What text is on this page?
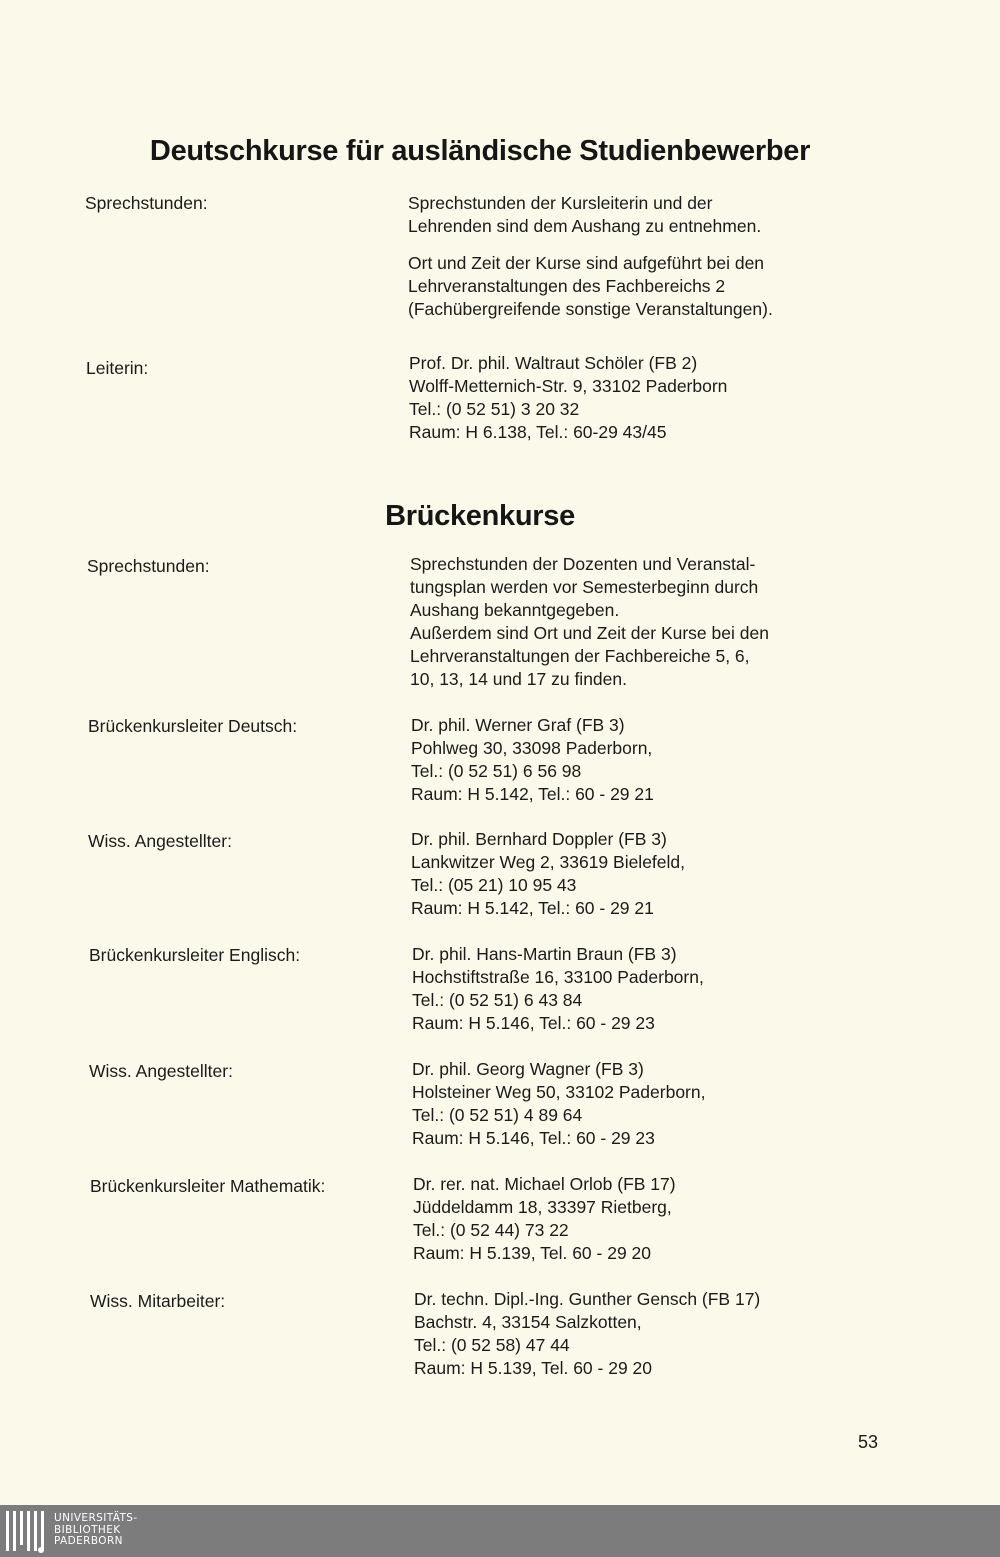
Deutschkurse für ausländische Studienbewerber
Sprechstunden:	Sprechstunden der Kursleiterin und der
Lehrenden sind dem Aushang zu entnehmen.
Ort und Zeit der Kurse sind aufgeführt bei den
Lehrveranstaltungen des Fachbereichs 2
(Fachübergreifende sonstige Veranstaltungen).
Leiterin:	Prof. Dr. phil. Waltraut Schöler (FB 2)
Wolff-Metternich-Str. 9, 33102 Paderborn
Tel.: (0 52 51) 3 20 32
Raum: H 6.138, Tel.: 60-29 43/45
Brückenkurse
Sprechstunden:	Sprechstunden der Dozenten und Veranstal-
tungsplan werden vor Semesterbeginn durch
Aushang bekanntgegeben.
Außerdem sind Ort und Zeit der Kurse bei den
Lehrveranstaltungen der Fachbereiche 5, 6,
10, 13, 14 und 17 zu finden.
Brückenkursleiter Deutsch:	Dr. phil. Werner Graf (FB 3)
Pohlweg 30, 33098 Paderborn,
Tel.: (0 52 51) 6 56 98
Raum: H 5.142, Tel.: 60 - 29 21
Wiss. Angestellter:	Dr. phil. Bernhard Doppler (FB 3)
Lankwitzer Weg 2, 33619 Bielefeld,
Tel.: (05 21) 10 95 43
Raum: H 5.142, Tel.: 60 - 29 21
Brückenkursleiter Englisch:	Dr. phil. Hans-Martin Braun (FB 3)
Hochstiftstraße 16, 33100 Paderborn,
Tel.: (0 52 51) 6 43 84
Raum: H 5.146, Tel.: 60 - 29 23
Wiss. Angestellter:	Dr. phil. Georg Wagner (FB 3)
Holsteiner Weg 50, 33102 Paderborn,
Tel.: (0 52 51) 4 89 64
Raum: H 5.146, Tel.: 60 - 29 23
Brückenkursleiter Mathematik:	Dr. rer. nat. Michael Orlob (FB 17)
Jüddeldamm 18, 33397 Rietberg,
Tel.: (0 52 44) 73 22
Raum: H 5.139, Tel. 60 - 29 20
Wiss. Mitarbeiter:	Dr. techn. Dipl.-Ing. Gunther Gensch (FB 17)
Bachstr. 4, 33154 Salzkotten,
Tel.: (0 52 58) 47 44
Raum: H 5.139, Tel. 60 - 29 20
53
UNIVERSITÄTS-
BIBLIOTHEK
PADERBORN
